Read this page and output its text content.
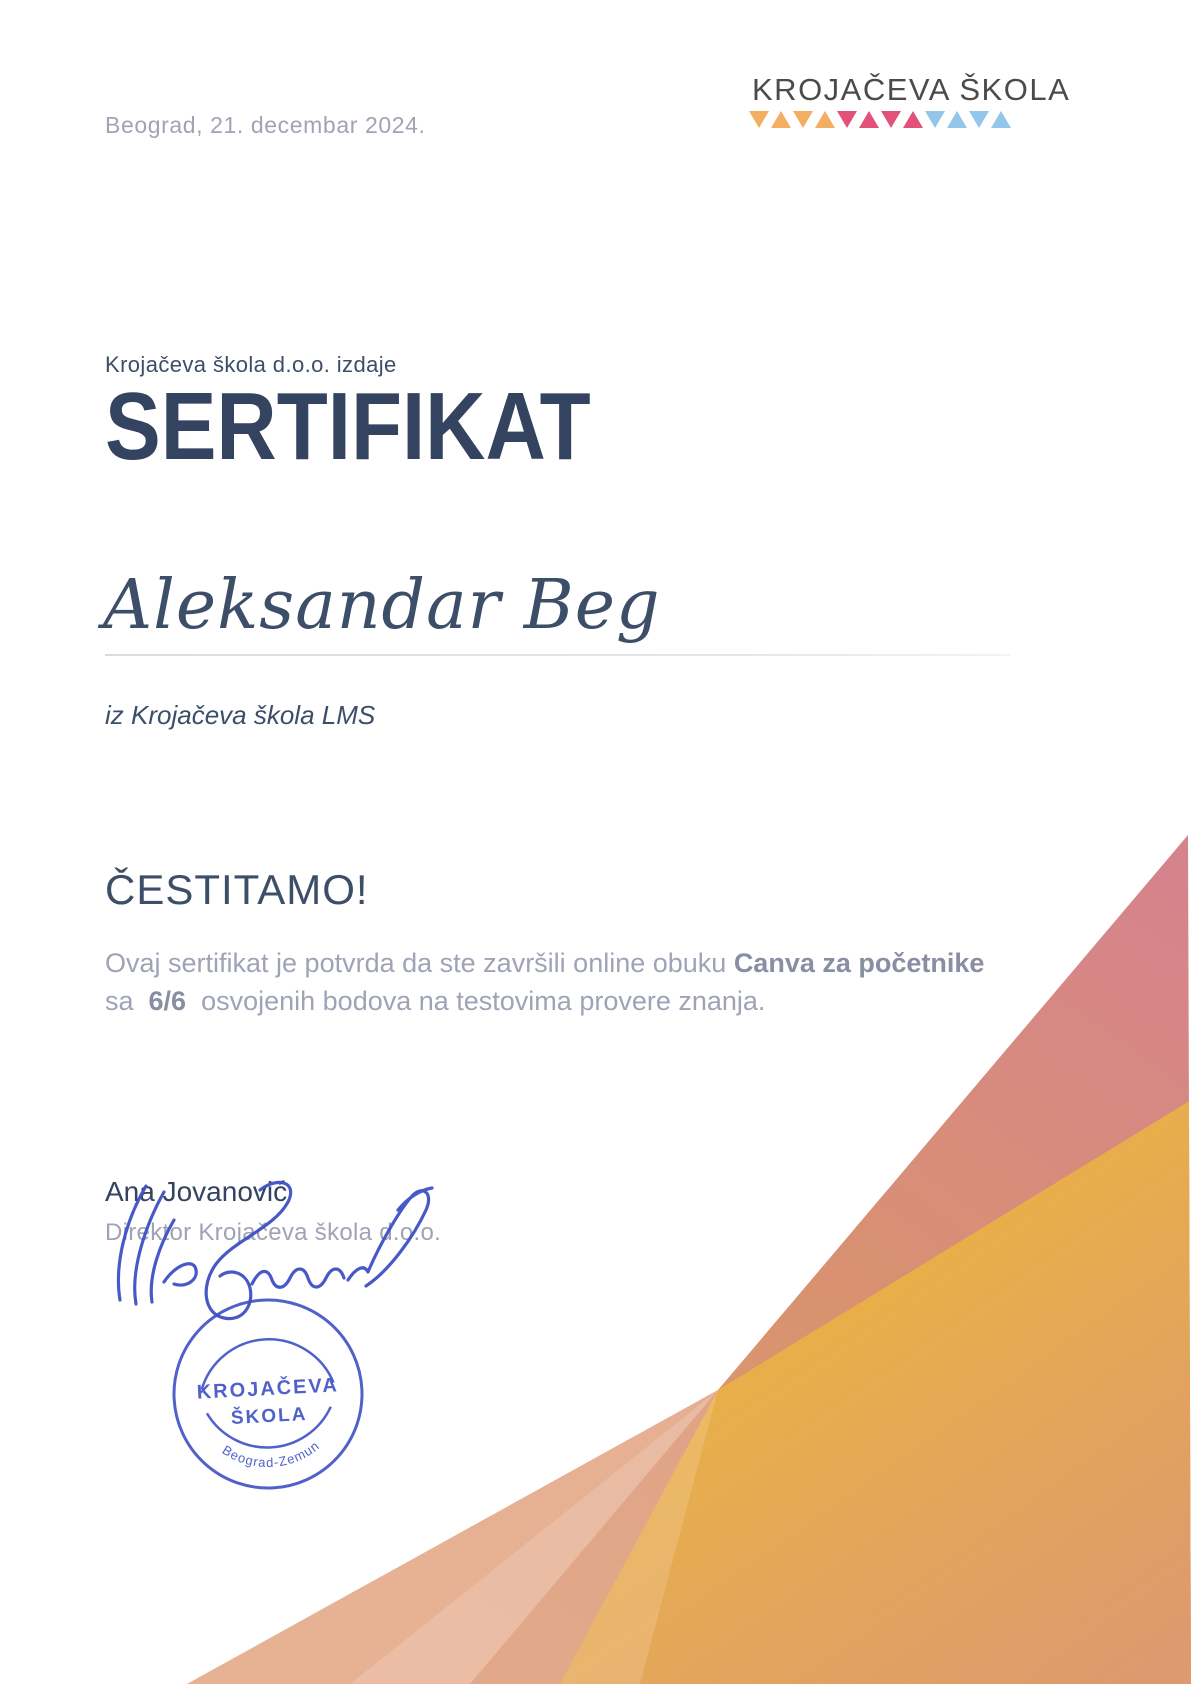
Beograd, 21. decembar 2024.
KROJAČEVA ŠKOLA
Krojačeva škola d.o.o. izdaje
SERTIFIKAT
Aleksandar Beg
iz Krojačeva škola LMS
ČESTITAMO!
Ovaj sertifikat je potvrda da ste završili online obuku Canva za početnike
sa  6/6  osvojenih bodova na testovima provere znanja.
Ana Jovanović
Direktor Krojačeva škola d.o.o.
KROJAČEVA
ŠKOLA
Beograd-Zemun
